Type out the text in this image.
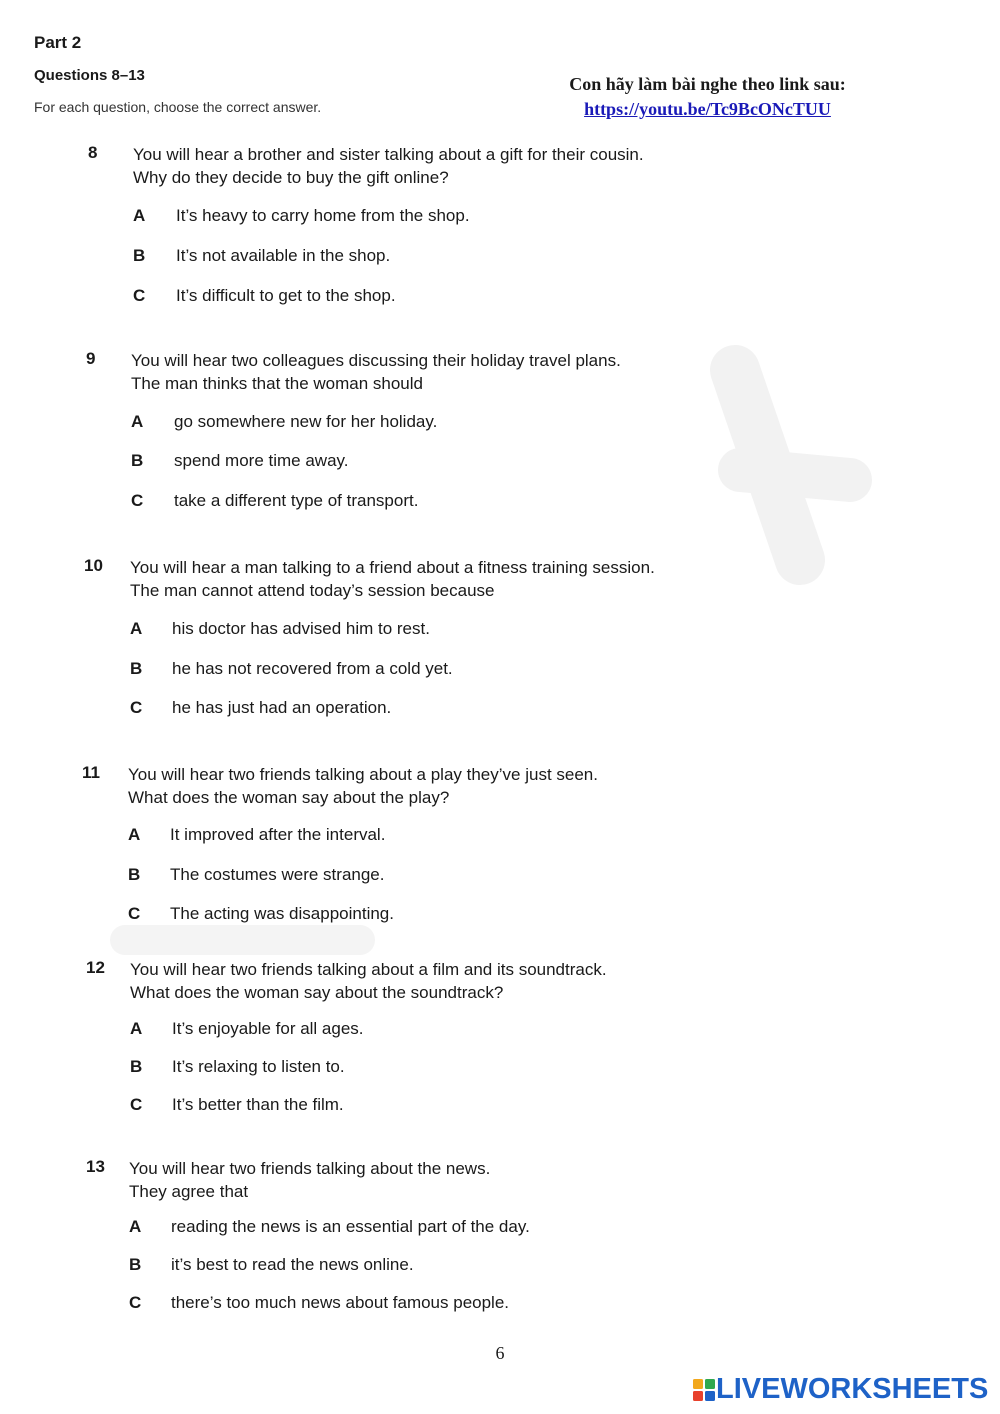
Part 2
Questions 8–13
For each question, choose the correct answer.
Con hãy làm bài nghe theo link sau:
https://youtu.be/Tc9BcONcTUU
8 You will hear a brother and sister talking about a gift for their cousin.
Why do they decide to buy the gift online?
A It’s heavy to carry home from the shop.
B It’s not available in the shop.
C It’s difficult to get to the shop.
9 You will hear two colleagues discussing their holiday travel plans.
The man thinks that the woman should
A go somewhere new for her holiday.
B spend more time away.
C take a different type of transport.
10 You will hear a man talking to a friend about a fitness training session.
The man cannot attend today’s session because
A his doctor has advised him to rest.
B he has not recovered from a cold yet.
C he has just had an operation.
11 You will hear two friends talking about a play they’ve just seen.
What does the woman say about the play?
A It improved after the interval.
B The costumes were strange.
C The acting was disappointing.
12 You will hear two friends talking about a film and its soundtrack.
What does the woman say about the soundtrack?
A It’s enjoyable for all ages.
B It’s relaxing to listen to.
C It’s better than the film.
13 You will hear two friends talking about the news.
They agree that
A reading the news is an essential part of the day.
B it’s best to read the news online.
C there’s too much news about famous people.
6
LIVEWORKSHEETS
